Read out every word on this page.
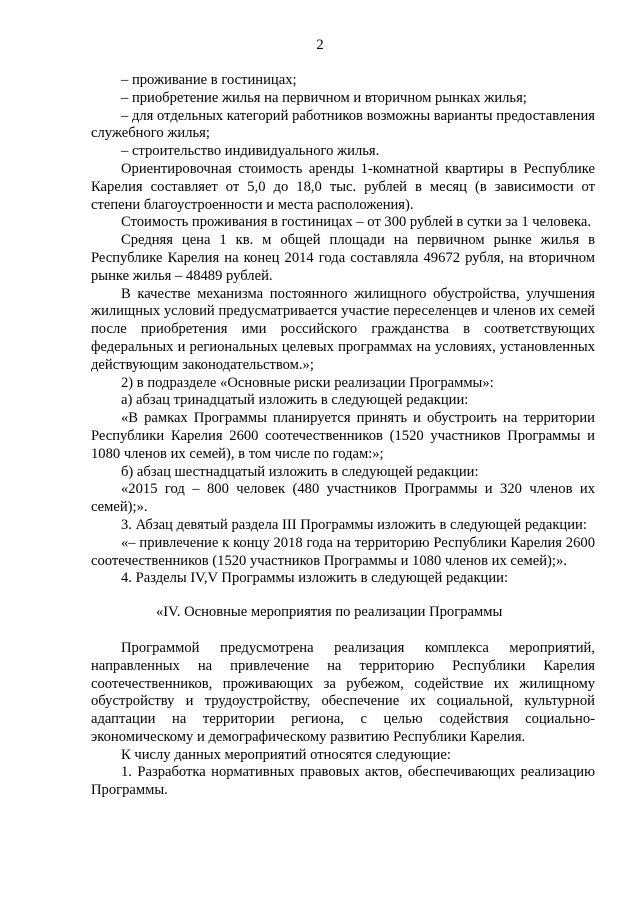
2

– проживание в гостиницах;

– приобретение жилья на первичном и вторичном рынках жилья;

– для отдельных категорий работников возможны варианты предоставления служебного жилья;

– строительство индивидуального жилья.

Ориентировочная стоимость аренды 1-комнатной квартиры в Республике Карелия составляет от 5,0 до 18,0 тыс. рублей в месяц (в зависимости от степени благоустроенности и места расположения).

Стоимость проживания в гостиницах – от 300 рублей в сутки за 1 человека.

Средняя цена 1 кв. м общей площади на первичном рынке жилья в Республике Карелия на конец 2014 года составляла 49672 рубля, на вторичном рынке жилья – 48489 рублей.

В качестве механизма постоянного жилищного обустройства, улучшения жилищных условий предусматривается участие переселенцев и членов их семей после приобретения ими российского гражданства в соответствующих федеральных и региональных целевых программах на условиях, установленных действующим законодательством.»;

2) в подразделе «Основные риски реализации Программы»:

а) абзац тринадцатый изложить в следующей редакции:

«В рамках Программы планируется принять и обустроить на территории Республики Карелия 2600 соотечественников (1520 участников Программы и 1080 членов их семей), в том числе по годам:»;

б) абзац шестнадцатый изложить в следующей редакции:

«2015 год – 800 человек (480 участников Программы и 320 членов их семей);».

3. Абзац девятый раздела III Программы изложить в следующей редакции:

«– привлечение к концу 2018 года на территорию Республики Карелия 2600 соотечественников (1520 участников Программы и 1080 членов их семей);».

4. Разделы IV,V Программы изложить в следующей редакции:

«IV. Основные мероприятия по реализации Программы

Программой предусмотрена реализация комплекса мероприятий, направленных на привлечение на территорию Республики Карелия соотечественников, проживающих за рубежом, содействие их жилищному обустройству и трудоустройству, обеспечение их социальной, культурной адаптации на территории региона, с целью содействия социально-экономическому и демографическому развитию Республики Карелия.

К числу данных мероприятий относятся следующие:

1. Разработка нормативных правовых актов, обеспечивающих реализацию Программы.
